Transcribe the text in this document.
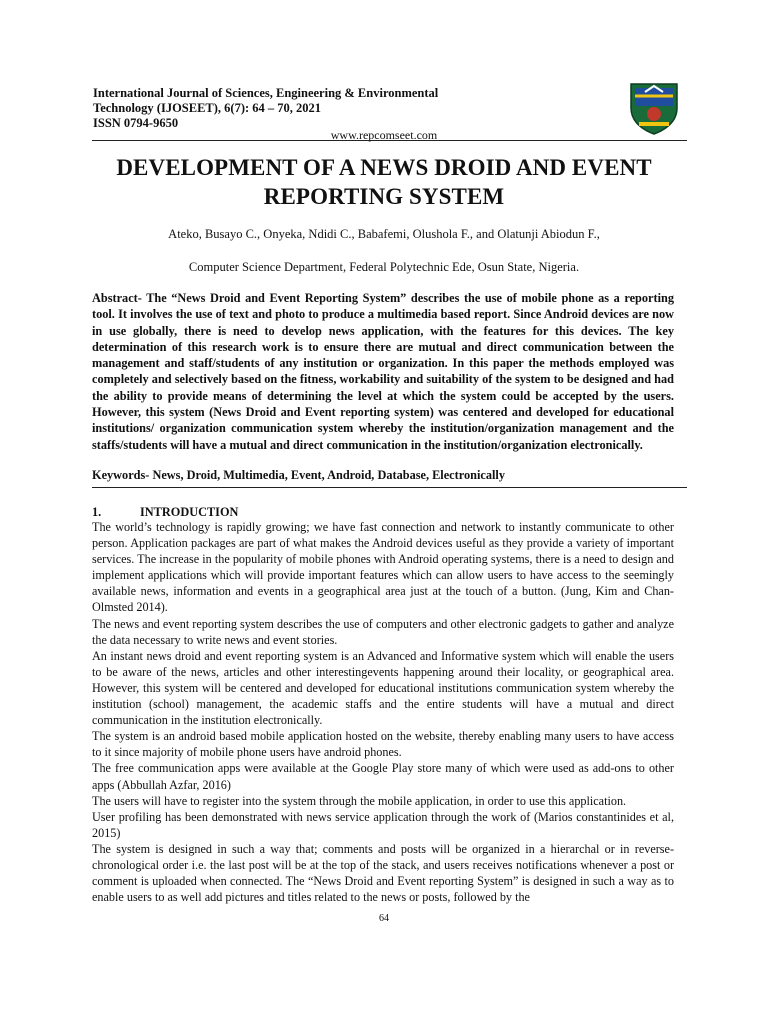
International Journal of Sciences, Engineering & Environmental
Technology (IJOSEET), 6(7): 64 – 70, 2021
ISSN 0794-9650
www.repcomseet.com
DEVELOPMENT OF A NEWS DROID AND EVENT
REPORTING SYSTEM
Ateko, Busayo C., Onyeka, Ndidi C., Babafemi, Olushola F., and Olatunji Abiodun F.,
Computer Science Department, Federal Polytechnic Ede, Osun State, Nigeria.
Abstract- The “News Droid and Event Reporting System” describes the use of mobile phone as a reporting tool. It involves the use of text and photo to produce a multimedia based report. Since Android devices are now in use globally, there is need to develop news application, with the features for this devices. The key determination of this research work is to ensure there are mutual and direct communication between the management and staff/students of any institution or organization. In this paper the methods employed was completely and selectively based on the fitness, workability and suitability of the system to be designed and had the ability to provide means of determining the level at which the system could be accepted by the users. However, this system (News Droid and Event reporting system) was centered and developed for educational institutions/ organization communication system whereby the institution/organization management and the staffs/students will have a mutual and direct communication in the institution/organization electronically.
Keywords- News, Droid, Multimedia, Event, Android, Database, Electronically
1.	INTRODUCTION

The world’s technology is rapidly growing; we have fast connection and network to instantly communicate to other person. Application packages are part of what makes the Android devices useful as they provide a variety of important services. The increase in the popularity of mobile phones with Android operating systems, there is a need to design and implement applications which will provide important features which can allow users to have access to the seemingly available news, information and events in a geographical area just at the touch of a button. (Jung, Kim and Chan-Olmsted 2014).

The news and event reporting system describes the use of computers and other electronic gadgets to gather and analyze the data necessary to write news and event stories.

An instant news droid and event reporting system is an Advanced and Informative system which will enable the users to be aware of the news, articles and other interestingevents happening around their locality, or geographical area. However, this system will be centered and developed for educational institutions communication system whereby the institution (school) management, the academic staffs and the entire students will have a mutual and direct communication in the institution electronically.

The system is an android based mobile application hosted on the website, thereby enabling many users to have access to it since majority of mobile phone users have android phones.

The free communication apps were available at the Google Play store many of which were used as add-ons to other apps (Abbullah Azfar, 2016)

The users will have to register into the system through the mobile application, in order to use this application.

User profiling has been demonstrated with news service application through the work of (Marios constantinides et al, 2015)

The system is designed in such a way that; comments and posts will be organized in a hierarchal or in reverse-chronological order i.e. the last post will be at the top of the stack, and users receives notifications whenever a post or comment is uploaded when connected. The “News Droid and Event reporting System” is designed in such a way as to enable users to as well add pictures and titles related to the news or posts, followed by the

64
